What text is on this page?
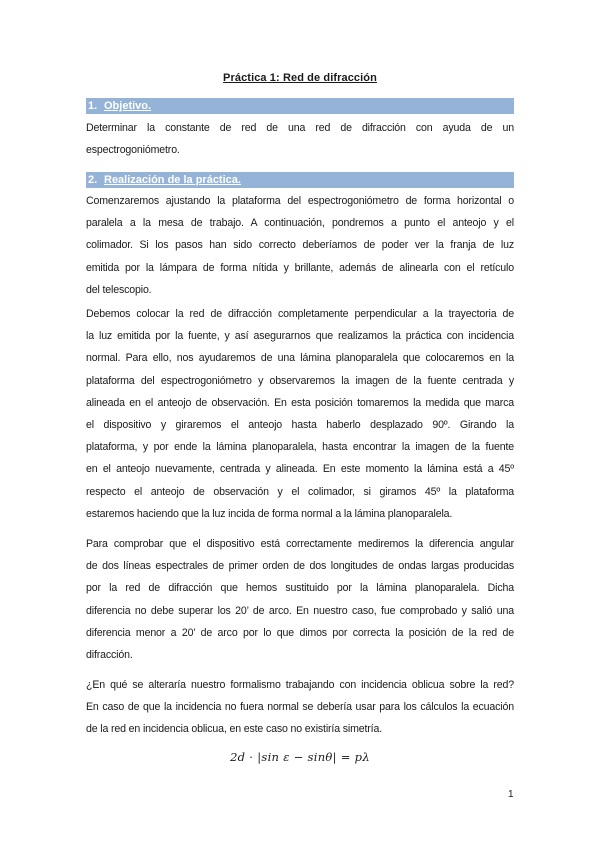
Práctica 1: Red de difracción
1. Objetivo.
Determinar la constante de red de una red de difracción con ayuda de un
espectrogoniómetro.
2. Realización de la práctica.
Comenzaremos ajustando la plataforma del espectrogoniómetro de forma horizontal o
paralela a la mesa de trabajo. A continuación, pondremos a punto el anteojo y el
colimador. Si los pasos han sido correcto deberíamos de poder ver la franja de luz
emitida por la lámpara de forma nítida y brillante, además de alinearla con el retículo
del telescopio.
Debemos colocar la red de difracción completamente perpendicular a la trayectoria de
la luz emitida por la fuente, y así asegurarnos que realizamos la práctica con incidencia
normal. Para ello, nos ayudaremos de una lámina planoparalela que colocaremos en la
plataforma del espectrogoniómetro y observaremos la imagen de la fuente centrada y
alineada en el anteojo de observación. En esta posición tomaremos la medida que marca
el dispositivo y giraremos el anteojo hasta haberlo desplazado 90º. Girando la
plataforma, y por ende la lámina planoparalela, hasta encontrar la imagen de la fuente
en el anteojo nuevamente, centrada y alineada. En este momento la lámina está a 45º
respecto el anteojo de observación y el colimador, si giramos 45º la plataforma
estaremos haciendo que la luz incida de forma normal a la lámina planoparalela.
Para comprobar que el dispositivo está correctamente mediremos la diferencia angular
de dos líneas espectrales de primer orden de dos longitudes de ondas largas producidas
por la red de difracción que hemos sustituido por la lámina planoparalela. Dicha
diferencia no debe superar los 20’ de arco. En nuestro caso, fue comprobado y salió una
diferencia menor a 20’ de arco por lo que dimos por correcta la posición de la red de
difracción.
¿En qué se alteraría nuestro formalismo trabajando con incidencia oblicua sobre la red?
En caso de que la incidencia no fuera normal se debería usar para los cálculos la ecuación
de la red en incidencia oblicua, en este caso no existiría simetría.
2d · |sin ε − sinθ| = pλ
1
